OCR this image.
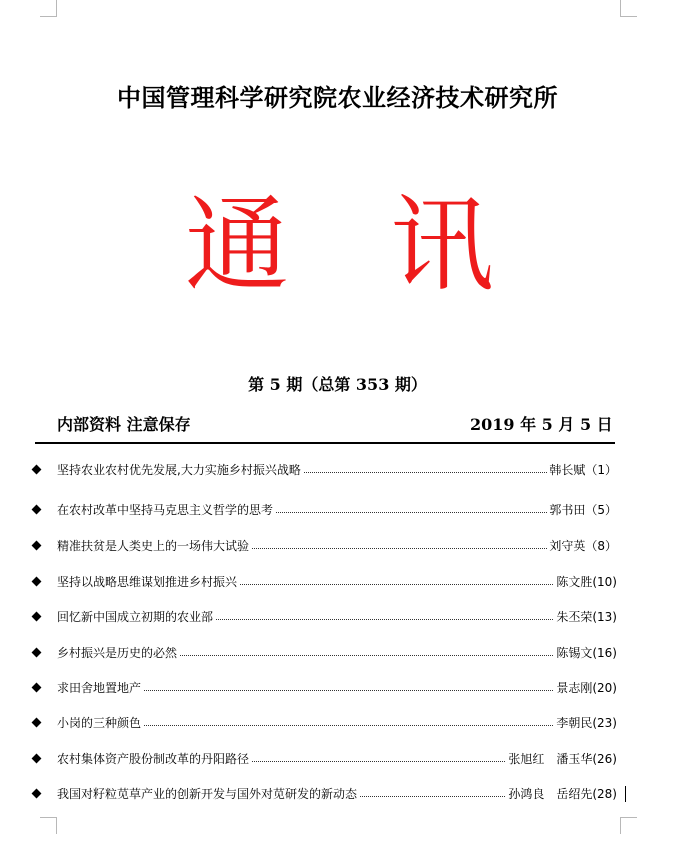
中国管理科学研究院农业经济技术研究所
通 讯
第 5 期（总第 353 期）
内部资料 注意保存	2019 年 5 月 5 日
坚持农业农村优先发展,大力实施乡村振兴战略	韩长赋（1）
在农村改革中坚持马克思主义哲学的思考	郭书田（5）
精准扶贫是人类史上的一场伟大试验	刘守英（8）
坚持以战略思维谋划推进乡村振兴	陈文胜(10)
回忆新中国成立初期的农业部	朱丕荣(13)
乡村振兴是历史的必然	陈锡文(16)
求田舍地置地产	景志刚(20)
小岗的三种颜色	李朝民(23)
农村集体资产股份制改革的丹阳路径	张旭红　潘玉华(26)
我国对籽粒苋草产业的创新开发与国外对苋研发的新动态	孙鸿良　岳绍先(28)
